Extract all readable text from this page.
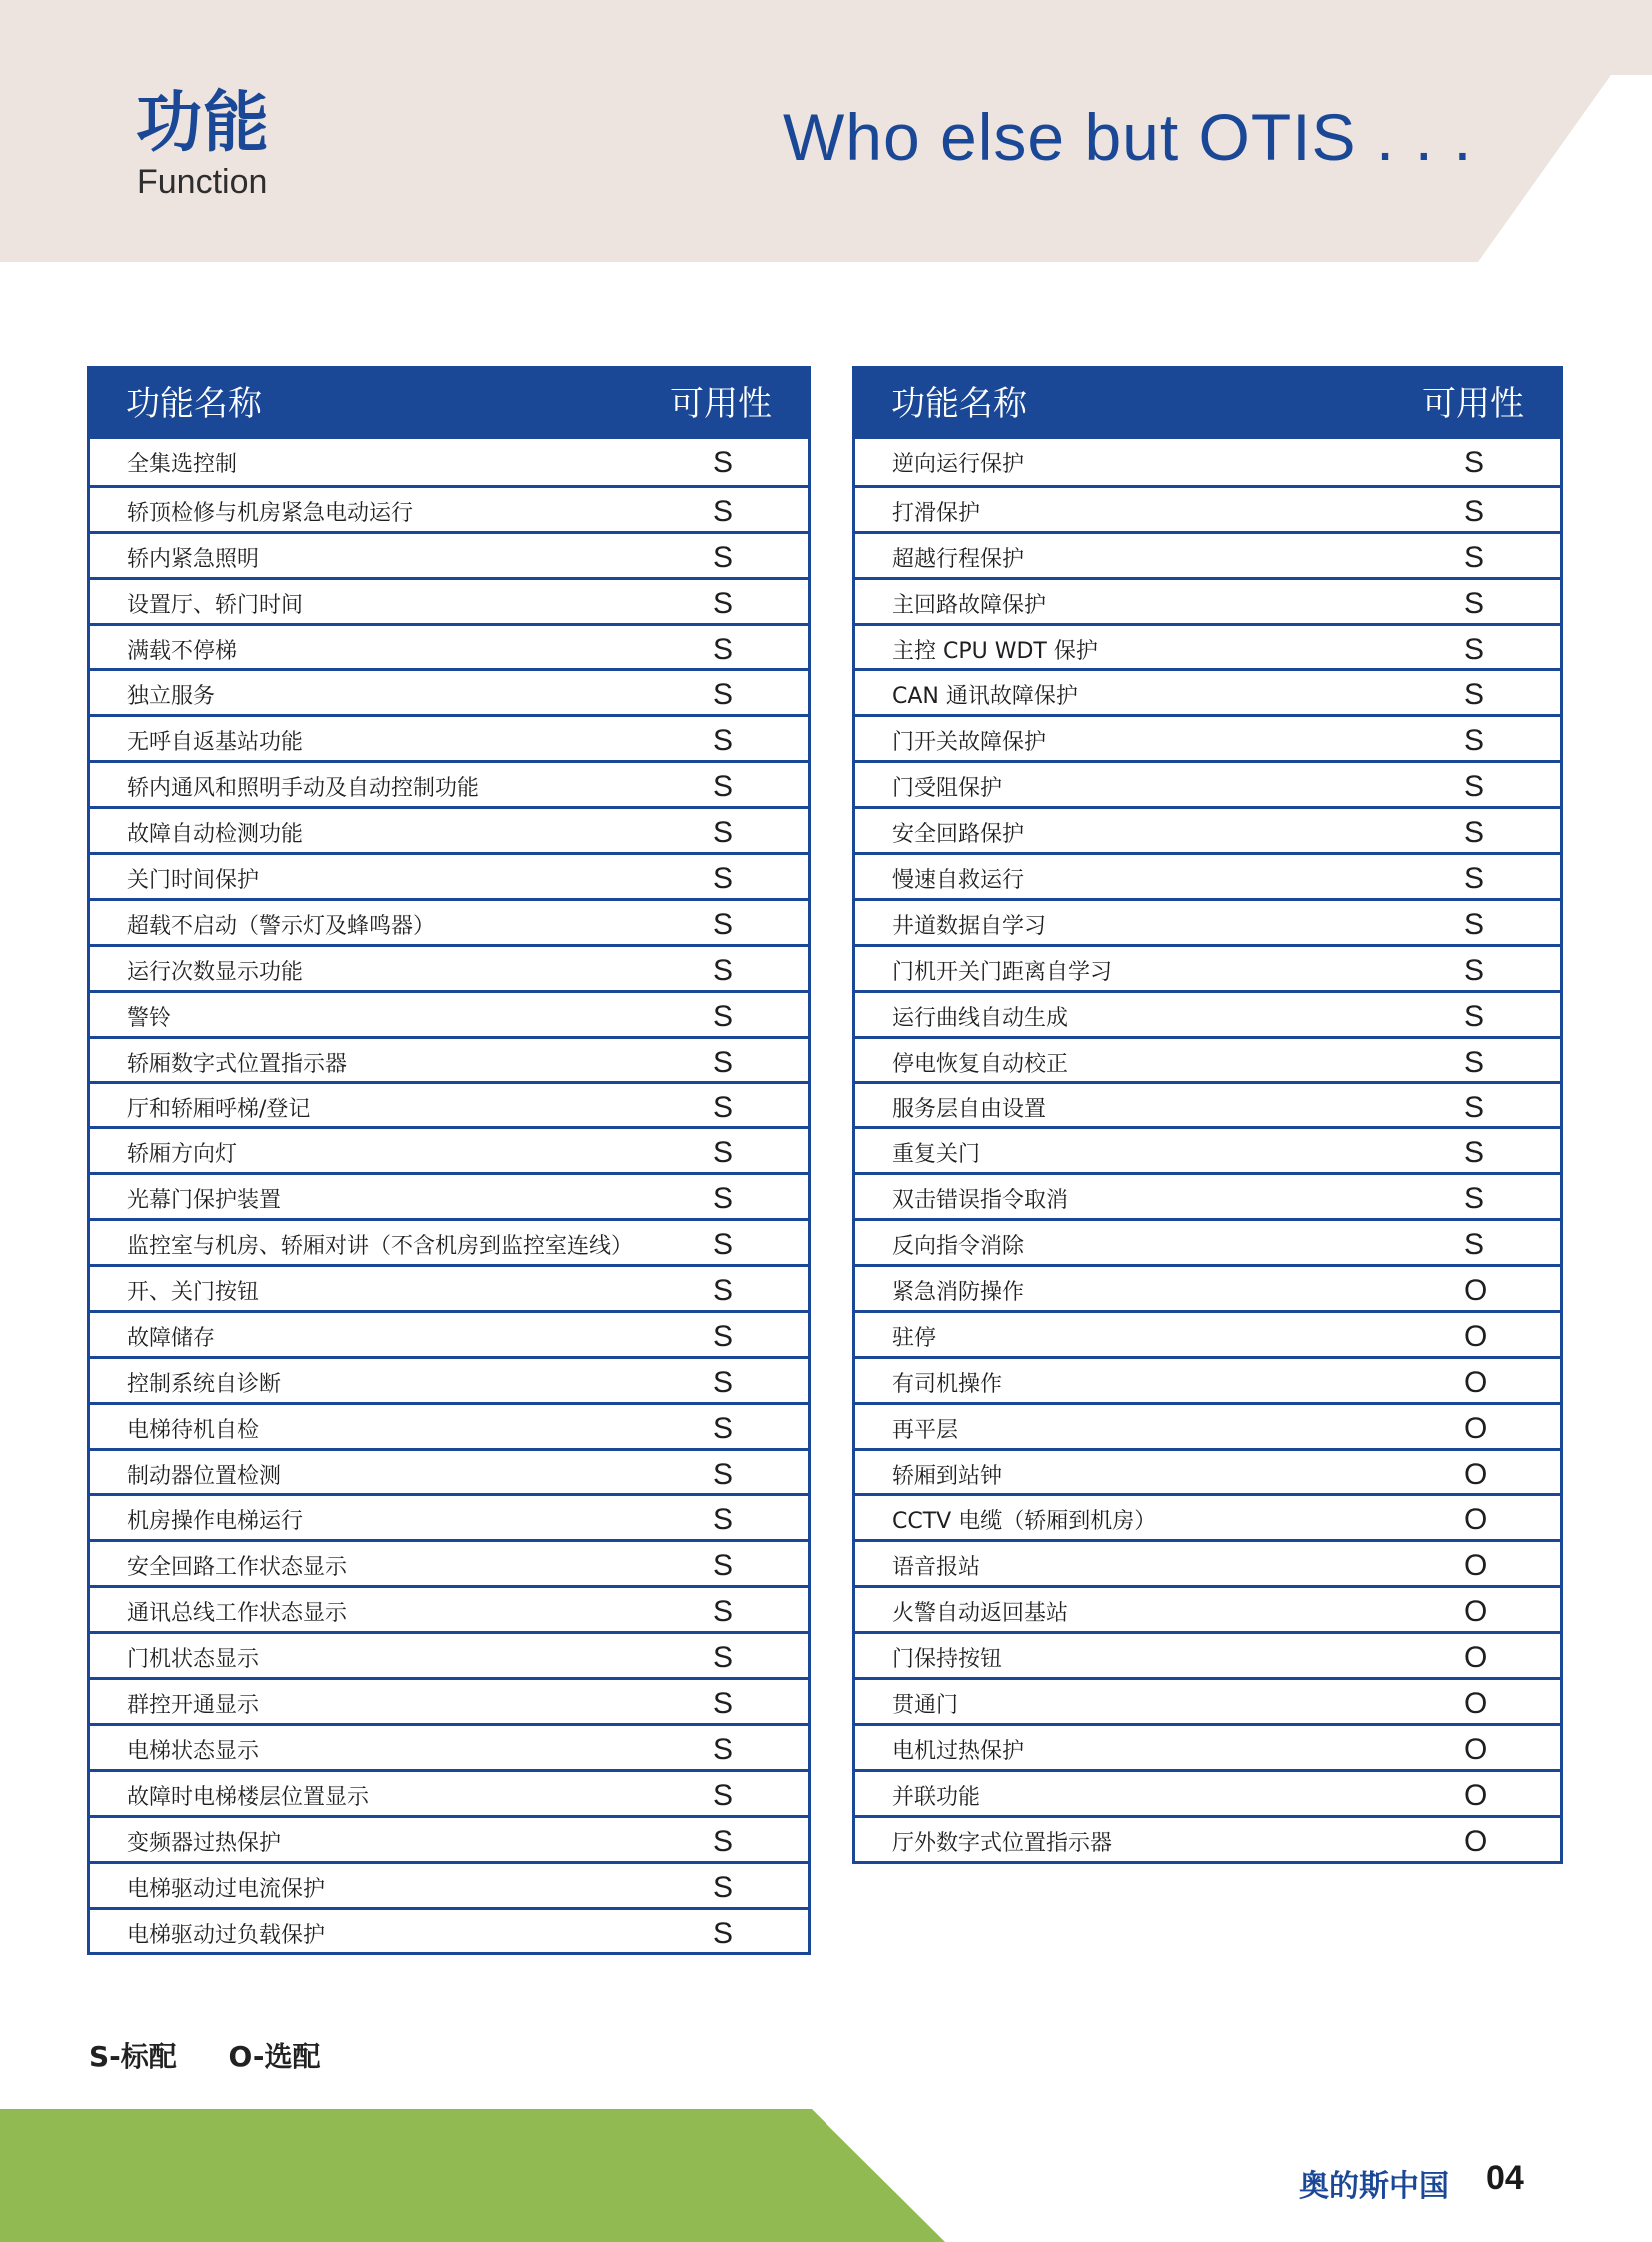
功能
Function
Who else but OTIS . . .
功能名称	可用性
全集选控制	S
轿顶检修与机房紧急电动运行	S
轿内紧急照明	S
设置厅、轿门时间	S
满载不停梯	S
独立服务	S
无呼自返基站功能	S
轿内通风和照明手动及自动控制功能	S
故障自动检测功能	S
关门时间保护	S
超载不启动（警示灯及蜂鸣器）	S
运行次数显示功能	S
警铃	S
轿厢数字式位置指示器	S
厅和轿厢呼梯/登记	S
轿厢方向灯	S
光幕门保护装置	S
监控室与机房、轿厢对讲（不含机房到监控室连线）	S
开、关门按钮	S
故障储存	S
控制系统自诊断	S
电梯待机自检	S
制动器位置检测	S
机房操作电梯运行	S
安全回路工作状态显示	S
通讯总线工作状态显示	S
门机状态显示	S
群控开通显示	S
电梯状态显示	S
故障时电梯楼层位置显示	S
变频器过热保护	S
电梯驱动过电流保护	S
电梯驱动过负载保护	S
功能名称	可用性
逆向运行保护	S
打滑保护	S
超越行程保护	S
主回路故障保护	S
主控 CPU WDT 保护	S
CAN 通讯故障保护	S
门开关故障保护	S
门受阻保护	S
安全回路保护	S
慢速自救运行	S
井道数据自学习	S
门机开关门距离自学习	S
运行曲线自动生成	S
停电恢复自动校正	S
服务层自由设置	S
重复关门	S
双击错误指令取消	S
反向指令消除	S
紧急消防操作	O
驻停	O
有司机操作	O
再平层	O
轿厢到站钟	O
CCTV 电缆（轿厢到机房）	O
语音报站	O
火警自动返回基站	O
门保持按钮	O
贯通门	O
电机过热保护	O
并联功能	O
厅外数字式位置指示器	O
S-标配 O-选配
奥的斯中国 04
